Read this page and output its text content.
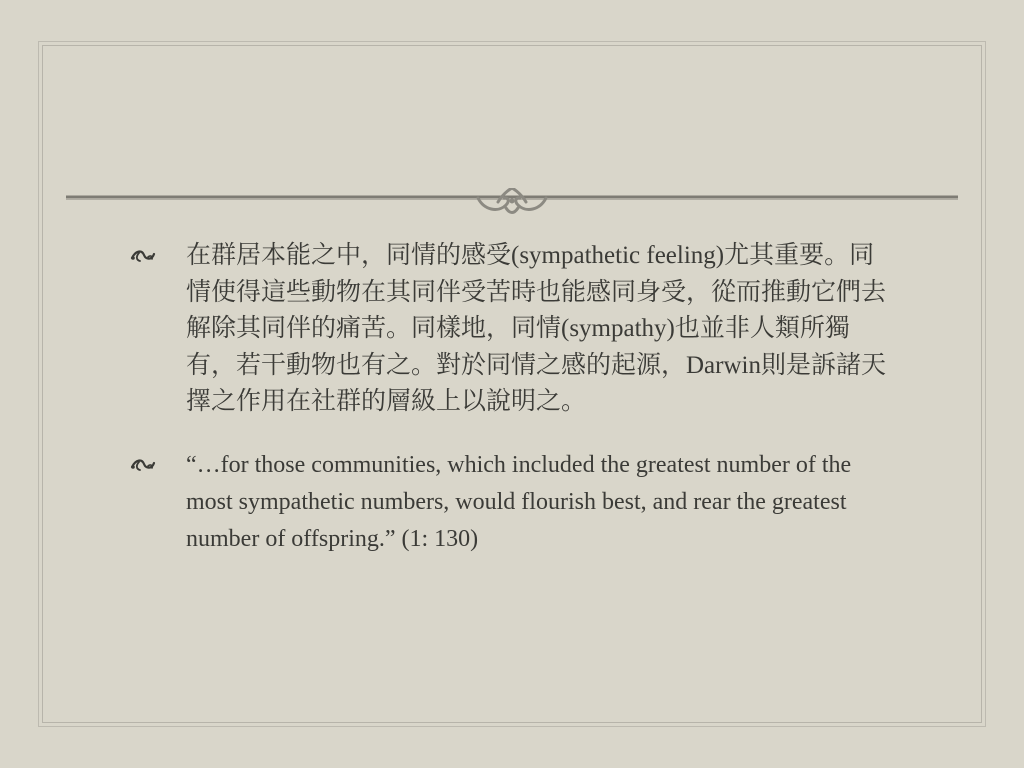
在群居本能之中，同情的感受(sympathetic feeling)尤其重要。同情使得這些動物在其同伴受苦時也能感同身受，從而推動它們去解除其同伴的痛苦。同樣地，同情(sympathy)也並非人類所獨有，若干動物也有之。對於同情之感的起源，Darwin則是訴諸天擇之作用在社群的層級上以說明之。
“…for those communities, which included the greatest number of the most sympathetic numbers, would flourish best, and rear the greatest number of offspring.” (1: 130)
